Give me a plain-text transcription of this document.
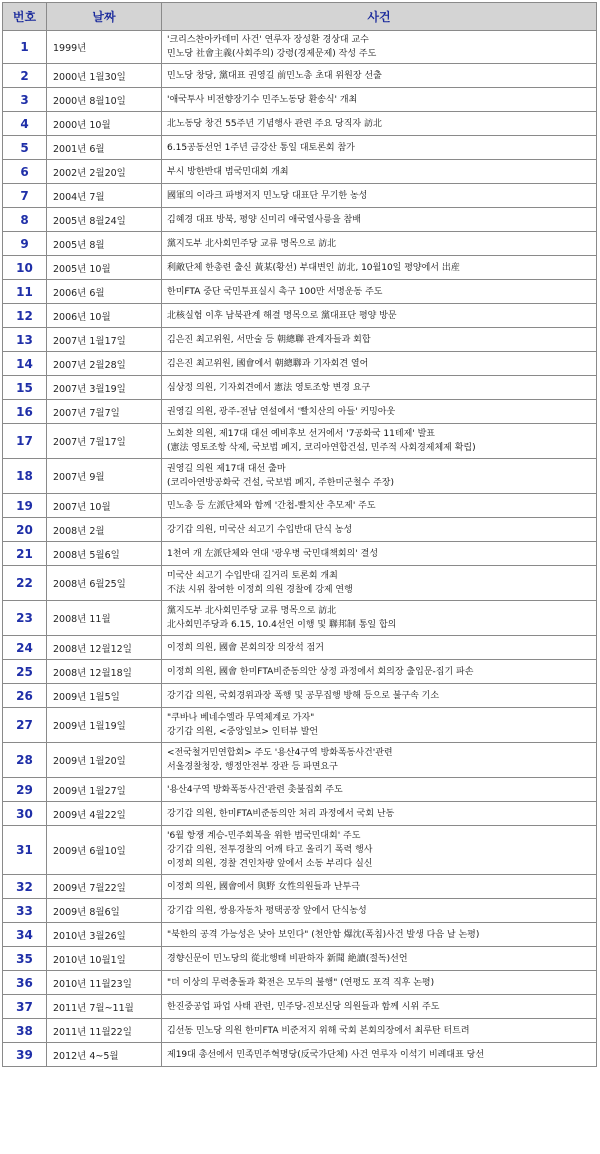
번호	날짜	사건
1	1999년	'크리스찬아카데미 사건' 연루자 장성환 경상대 교수
민노당 社會主義(사회주의) 강령(경제문제) 작성 주도

2	2000년 1월30일	민노당 창당, 黨대표 권영길 前민노총 초대 위원장 선출

3	2000년 8월10일	'애국투사 비전향장기수 민주노동당 환송식' 개최

4	2000년 10월	北노동당 창건 55주년 기념행사 관련 주요 당직자 訪北

5	2001년 6월	6.15공동선언 1주년 금강산 통일 대토론회 참가

6	2002년 2월20일	부시 방한반대 범국민대회 개최

7	2004년 7월	國軍의 이라크 파병저지 민노당 대표단 무기한 농성

8	2005년 8월24일	김혜경 대표 방북, 평양 신미리 애국열사릉을 참배

9	2005년 8월	黨지도부 北사회민주당 교류 명목으로 訪北

10	2005년 10월	利敵단체 한총련 출신 黃某(황선) 부대변인 訪北, 10월10일 평양에서 出産

11	2006년 6월	한미FTA 중단 국민투표실시 촉구 100만 서명운동 주도

12	2006년 10월	北核실험 이후 남북관계 해결 명목으로 黨대표단 평양 방문

13	2007년 1월17일	김은진 최고위원, 서만술 등 朝總聯 관계자들과 회합

14	2007년 2월28일	김은진 최고위원, 國會에서 朝總聯과 기자회견 열어

15	2007년 3월19일	심상정 의원, 기자회견에서 憲法 영토조항 변경 요구

16	2007년 7월7일	권영길 의원, 광주-전남 연설에서 '빨치산의 아들' 커밍아웃

17	2007년 7월17일	노회찬 의원, 제17대 대선 예비후보 선거에서 '7공화국 11테제' 발표
(憲法 영토조항 삭제, 국보법 폐지, 코리아연합건설, 민주적 사회경제체제 확립)

18	2007년 9월	권영길 의원 제17대 대선 출마
(코리아연방공화국 건설, 국보법 폐지, 주한미군철수 주장)

19	2007년 10월	민노총 등 左派단체와 함께 '간첩-빨치산 추모제' 주도

20	2008년 2월	강기갑 의원, 미국산 쇠고기 수입반대 단식 농성

21	2008년 5월6일	1천여 개 左派단체와 연대 '광우병 국민대책회의' 결성

22	2008년 6월25일	미국산 쇠고기 수입반대 길거리 토론회 개최
不法 시위 참여한 이정희 의원 경찰에 강제 연행

23	2008년 11월	黨지도부 北사회민주당 교류 명목으로 訪北
北사회민주당과 6.15, 10.4선언 이행 및 聯邦制 통일 합의

24	2008년 12월12일	이정희 의원, 國會 본회의장 의장석 점거

25	2008년 12월18일	이정희 의원, 國會 한미FTA비준동의안 상정 과정에서 회의장 출입문-집기 파손

26	2009년 1월5일	강기갑 의원, 국회경위과장 폭행 및 공무집행 방해 등으로 불구속 기소

27	2009년 1월19일	"쿠바나 베네수엘라 무역체계로 가자"
강기갑 의원, <중앙일보> 인터뷰 발언

28	2009년 1월20일	<전국철거민연합회> 주도 '용산4구역 방화폭동사건'관련
서울경찰청장, 행정안전부 장관 등 파면요구

29	2009년 1월27일	'용산4구역 방화폭동사건'관련 촛불집회 주도

30	2009년 4월22일	강기갑 의원, 한미FTA비준동의안 처리 과정에서 국회 난동

31	2009년 6월10일	'6월 항쟁 계승-민주회복을 위한 범국민대회' 주도
강기갑 의원, 전투경찰의 어깨 타고 올리기 폭력 행사
이정희 의원, 경찰 견인차량 앞에서 소동 부리다 실신

32	2009년 7월22일	이정희 의원, 國會에서 與野 女性의원들과 난투극

33	2009년 8월6일	강기갑 의원, 쌍용자동차 평택공장 앞에서 단식농성

34	2010년 3월26일	"북한의 공격 가능성은 낮아 보인다" (천안함 爆沈(폭침)사건 발생 다음 날 논평)

35	2010년 10월1일	경향신문이 민노당의 從北행태 비판하자 新聞 絶讀(절독)선언

36	2010년 11월23일	"더 이상의 무력충돌과 확전은 모두의 불행" (연평도 포격 직후 논평)

37	2011년 7월~11월	한진중공업 파업 사태 관련, 민주당-진보신당 의원들과 함께 시위 주도

38	2011년 11월22일	김선동 민노당 의원 한미FTA 비준저지 위해 국회 본회의장에서 최루탄 터트려

39	2012년 4~5월	제19대 총선에서 민족민주혁명당(反국가단체) 사건 연루자 이석기 비례대표 당선
